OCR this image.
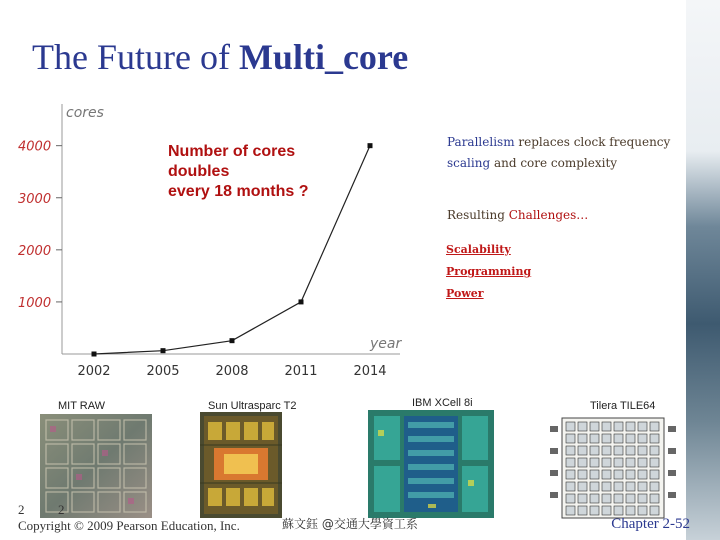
The Future of Multi_core
cores
year
1000
2000
3000
4000
2002	2005	2008	2011	2014
Number of cores
doubles
every 18 months ?
Parallelism replaces clock frequency
scaling and core complexity
Resulting Challenges…
Scalability
Programming
Power
MIT RAW	Sun Ultrasparc T2	IBM XCell 8i	Tilera TILE64
2	2
Copyright © 2009 Pearson Education, Inc.	蘇文鈺 @交通大學資工系	Chapter 2-52
